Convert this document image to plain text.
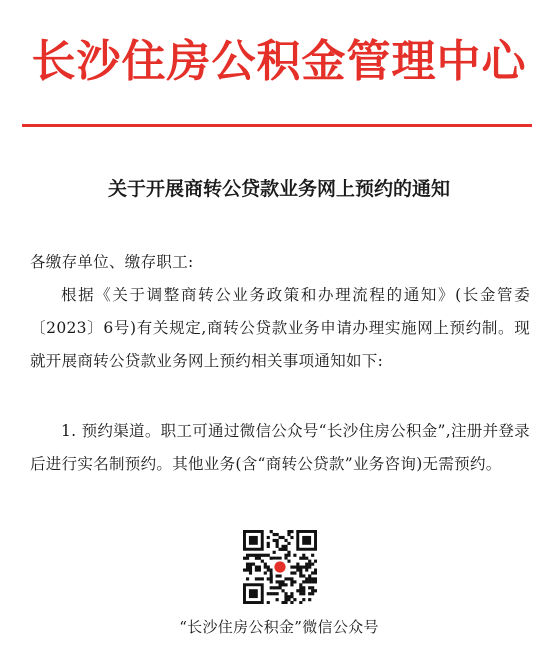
长沙住房公积金管理中心
关于开展商转公贷款业务网上预约的通知
各缴存单位、缴存职工:
根据《关于调整商转公业务政策和办理流程的通知》(长金管委〔2023〕6号)有关规定,商转公贷款业务申请办理实施网上预约制。现就开展商转公贷款业务网上预约相关事项通知如下:
1. 预约渠道。职工可通过微信公众号“长沙住房公积金”,注册并登录后进行实名制预约。其他业务(含“商转公贷款”业务咨询)无需预约。
“长沙住房公积金”微信公众号
